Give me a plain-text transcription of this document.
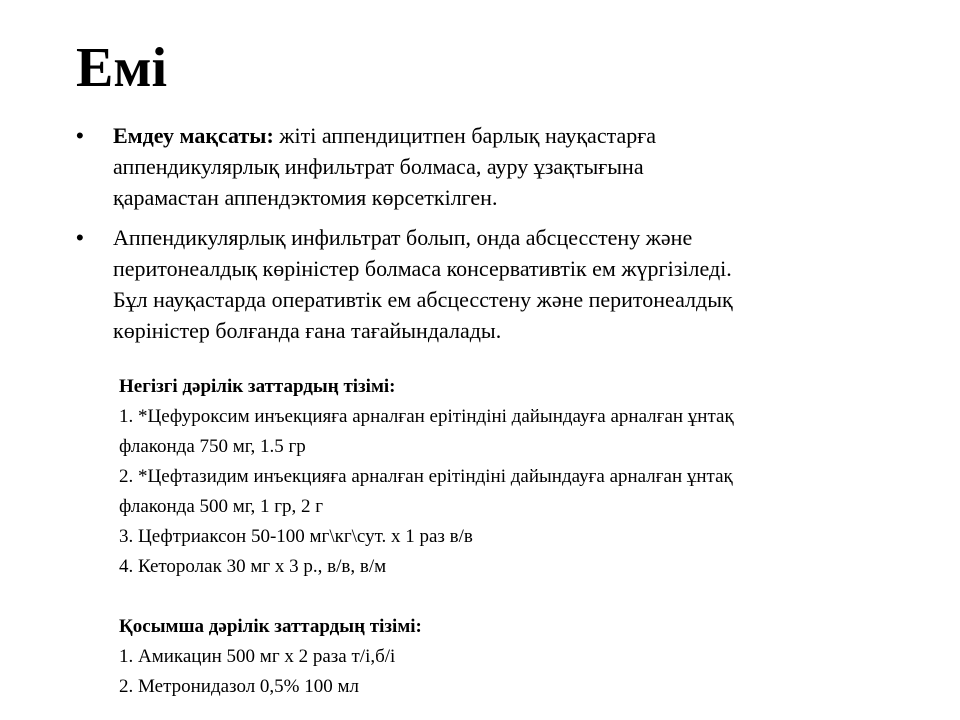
Емі
• Емдеу мақсаты: жіті аппендицитпен барлық науқастарға
аппендикулярлық инфильтрат болмаса, ауру ұзақтығына
қарамастан аппендэктомия көрсеткілген.
• Аппендикулярлық инфильтрат болып, онда абсцесстену және
перитонеалдық көріністер болмаса консервативтік ем жүргізіледі.
Бұл науқастарда оперативтік ем абсцесстену және перитонеалдық
көріністер болғанда ғана тағайындалады.
Негізгі дәрілік заттардың тізімі:
1. *Цефуроксим инъекцияға арналған ерітіндіні дайындауға арналған ұнтақ
флаконда 750 мг, 1.5 гр
2. *Цефтазидим инъекцияға арналған ерітіндіні дайындауға арналған ұнтақ
флаконда 500 мг, 1 гр, 2 г
3. Цефтриаксон 50-100 мг\кг\сут. х 1 раз в/в
4. Кеторолак 30 мг х 3 р., в/в, в/м
Қосымша дәрілік заттардың тізімі:
1. Амикацин 500 мг х 2 раза т/і,б/і
2. Метронидазол 0,5% 100 мл
